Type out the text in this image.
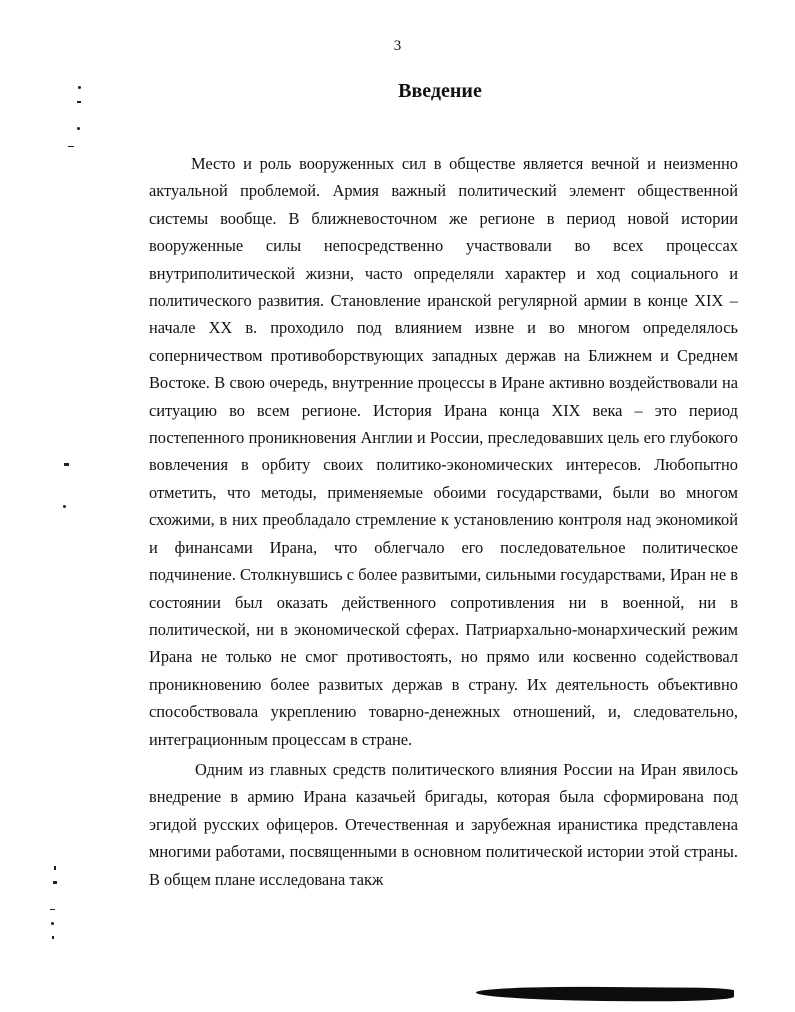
3
Введение

Место и роль вооруженных сил в обществе является вечной и неизменно актуальной проблемой. Армия важный политический элемент общественной системы вообще. В ближневосточном же регионе в период новой истории вооруженные силы непосредственно участвовали во всех процессах внутриполитической жизни, часто определяли характер и ход социального и политического развития. Становление иранской регулярной армии в конце XIX – начале XX в. проходило под влиянием извне и во многом определялось соперничеством противоборствующих западных держав на Ближнем и Среднем Востоке. В свою очередь, внутренние процессы в Иране активно воздействовали на ситуацию во всем регионе. История Ирана конца XIX века – это период постепенного проникновения Англии и России, преследовавших цель его глубокого вовлечения в орбиту своих политико-экономических интересов. Любопытно отметить, что методы, применяемые обоими государствами, были во многом схожими, в них преобладало стремление к установлению контроля над экономикой и финансами Ирана, что облегчало его последовательное политическое подчинение. Столкнувшись с более развитыми, сильными государствами, Иран не в состоянии был оказать действенного сопротивления ни в военной, ни в политической, ни в экономической сферах. Патриархально-монархический режим Ирана не только не смог противостоять, но прямо или косвенно содействовал проникновению более развитых держав в страну. Их деятельность объективно способствовала укреплению товарно-денежных отношений, и, следовательно, интеграционным процессам в стране.

Одним из главных средств политического влияния России на Иран явилось внедрение в армию Ирана казачьей бригады, которая была сформирована под эгидой русских офицеров. Отечественная и зарубежная иранистика представлена многими работами, посвященными в основном политической истории этой страны. В общем плане исследована такж
